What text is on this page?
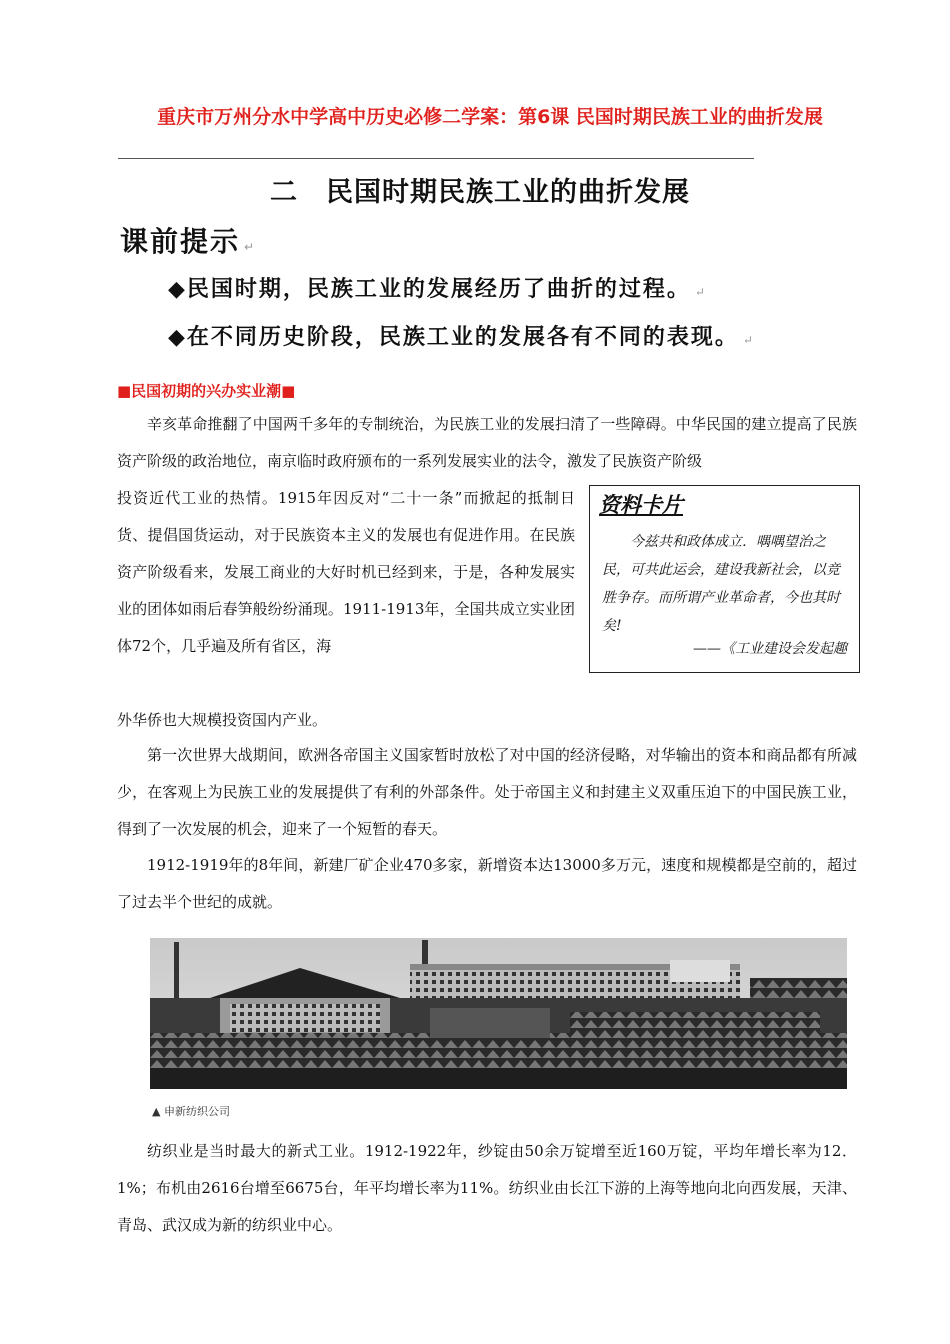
重庆市万州分水中学高中历史必修二学案：第6课 民国时期民族工业的曲折发展
二　民国时期民族工业的曲折发展
课前提示 ↵
◆民国时期，民族工业的发展经历了曲折的过程。 ↵
◆在不同历史阶段，民族工业的发展各有不同的表现。 ↵
■民国初期的兴办实业潮■
辛亥革命推翻了中国两千多年的专制统治，为民族工业的发展扫清了一些障碍。中华民国的建立提高了民族资产阶级的政治地位，南京临时政府颁布的一系列发展实业的法令，激发了民族资产阶级
投资近代工业的热情。1915年因反对“二十一条”而掀起的抵制日货、提倡国货运动，对于民族资本主义的发展也有促进作用。在民族资产阶级看来，发展工商业的大好时机已经到来，于是，各种发展实业的团体如雨后春笋般纷纷涌现。1911-1913年，全国共成立实业团体72个，几乎遍及所有省区，海
外华侨也大规模投资国内产业。
资料卡片
今兹共和政体成立．喁喁望治之民，可共此运会，建设我新社会，以竞胜争存。而所谓产业革命者，今也其时矣!
——《工业建设会发起趣
第一次世界大战期间，欧洲各帝国主义国家暂时放松了对中国的经济侵略，对华输出的资本和商品都有所减少，在客观上为民族工业的发展提供了有利的外部条件。处于帝国主义和封建主义双重压迫下的中国民族工业，得到了一次发展的机会，迎来了一个短暂的春天。
1912-1919年的8年间，新建厂矿企业470多家，新增资本达13000多万元，速度和规模都是空前的，超过了过去半个世纪的成就。
▲ 申新纺织公司
纺织业是当时最大的新式工业。1912-1922年，纱锭由50余万锭增至近160万锭，平均年增长率为12．1%；布机由2616台增至6675台，年平均增长率为11%。纺织业由长江下游的上海等地向北向西发展，天津、青岛、武汉成为新的纺织业中心。
